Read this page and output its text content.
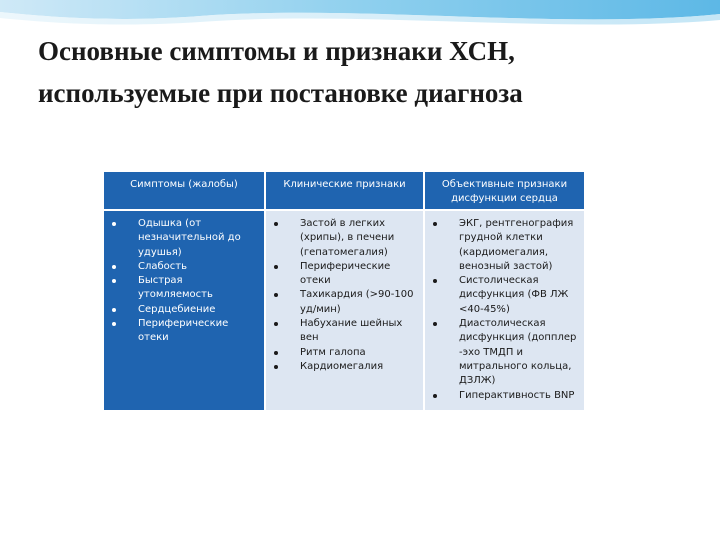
Основные симптомы и признаки ХСН,
используемые при постановке диагноза
Симптомы (жалобы)	Клинические признаки	Объективные признаки дисфункции сердца
Одышка (от незначительной до удушья)
Слабость
Быстрая утомляемость
Сердцебиение
Периферические отеки
Застой в легких (хрипы), в печени (гепатомегалия)
Периферические отеки
Тахикардия (>90-100 уд/мин)
Набухание шейных вен
Ритм галопа
Кардиомегалия
ЭКГ, рентгенография грудной клетки (кардиомегалия, венозный застой)
Систолическая дисфункция (ФВ ЛЖ <40-45%)
Диастолическая дисфункция (допплер -эхо ТМДП и митрального кольца, ДЗЛЖ)
Гиперактивность BNP
